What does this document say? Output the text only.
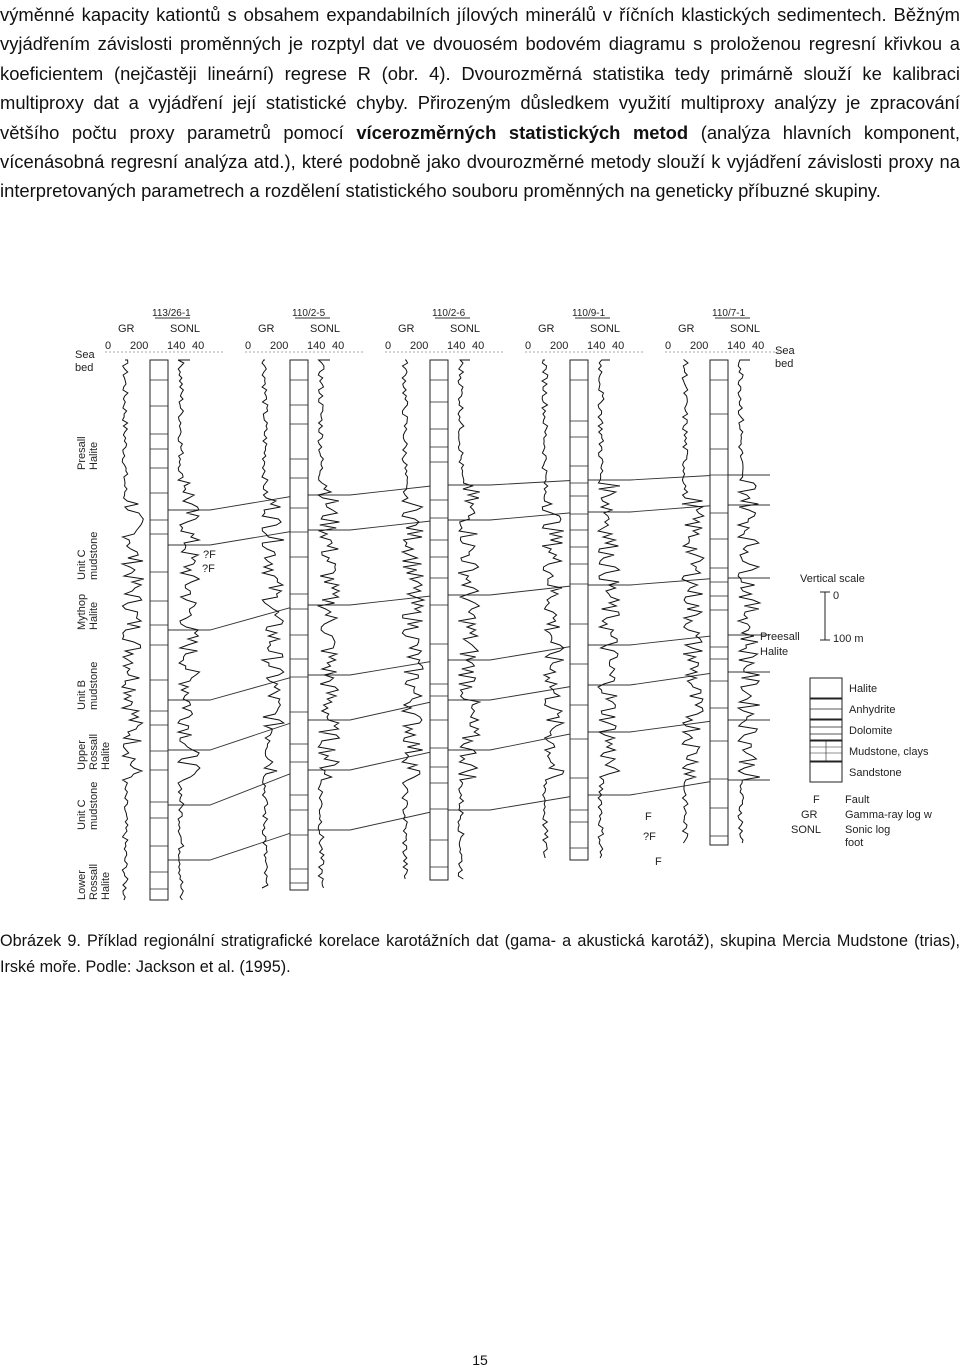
výměnné kapacity kationtů s obsahem expandabilních jílových minerálů v říčních klastických sedimentech. Běžným vyjádřením závislosti proměnných je rozptyl dat ve dvouosém bodovém diagramu s proloženou regresní křivkou a koeficientem (nejčastěji lineární) regrese R (obr. 4). Dvourozměrná statistika tedy primárně slouží ke kalibraci multiproxy dat a vyjádření její statistické chyby. Přirozeným důsledkem využití multiproxy analýzy je zpracování většího počtu proxy parametrů pomocí vícerozměrných statistických metod (analýza hlavních komponent, vícenásobná regresní analýza atd.), které podobně jako dvourozměrné metody slouží k vyjádření závislosti proxy na interpretovaných parametrech a rozdělení statistického souboru proměnných na geneticky příbuzné skupiny.

113/26-1
GR	SONL
0 200 140 40
110/2-5
GR	SONL
0 200 140 40
110/2-6
GR	SONL
0 200 140 40
110/9-1
GR	SONL
0 200 140 40
110/7-1
GR	SONL
0 200 140 40
Sea
bed
Sea
bed
Presall Halite
Unit C mudstone
Mythop Halite
Unit B mudstone
Upper Rossall Halite
Unit C mudstone
Lower Rossall Halite
?F
?F
F
?F
F
Vertical scale
0
100 m
Preesall
Halite
Halite
Anhydrite
Dolomite
Mudstone, clays
Sandstone
F Fault
GR	Gamma-ray log w
SONL Sonic log
foot

Obrázek 9. Příklad regionální stratigrafické korelace karotážních dat (gama- a akustická karotáž), skupina Mercia Mudstone (trias), Irské moře. Podle: Jackson et al. (1995).

15
